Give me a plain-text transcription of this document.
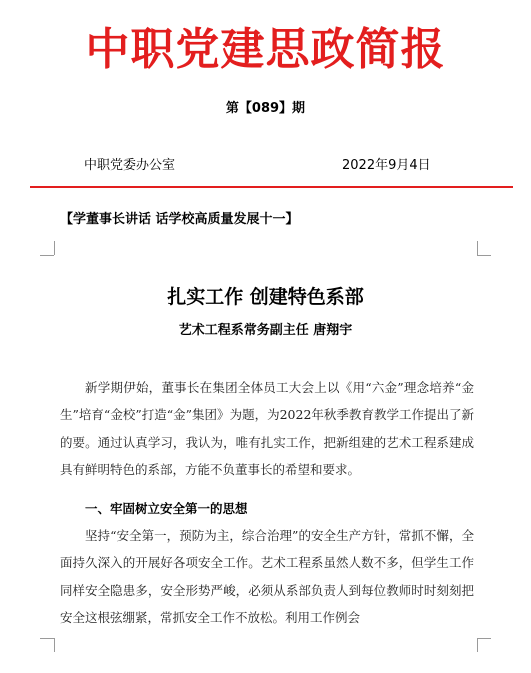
中职党建思政简报
第【089】期
中职党委办公室	2022年9月4日
【学董事长讲话 话学校高质量发展十一】
扎实工作 创建特色系部
艺术工程系常务副主任 唐翔宇

新学期伊始，董事长在集团全体员工大会上以《用“六金”理念培养“金生”培育“金校”打造“金”集团》为题，为2022年秋季教育教学工作提出了新的要。通过认真学习，我认为，唯有扎实工作，把新组建的艺术工程系建成具有鲜明特色的系部，方能不负董事长的希望和要求。

一、牢固树立安全第一的思想

坚持“安全第一，预防为主，综合治理”的安全生产方针，常抓不懈，全面持久深入的开展好各项安全工作。艺术工程系虽然人数不多，但学生工作同样安全隐患多，安全形势严峻，必须从系部负责人到每位教师时时刻刻把安全这根弦绷紧，常抓安全工作不放松。利用工作例会
